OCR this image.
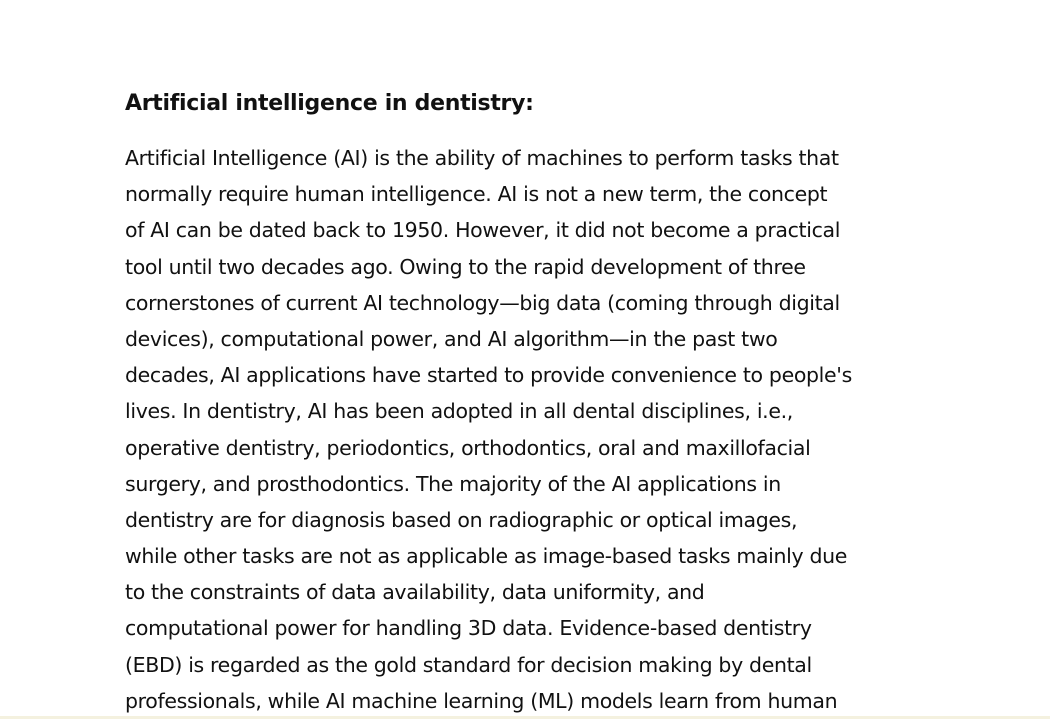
Artificial intelligence in dentistry:
Artificial Intelligence (AI) is the ability of machines to perform tasks that
normally require human intelligence. AI is not a new term, the concept
of AI can be dated back to 1950. However, it did not become a practical
tool until two decades ago. Owing to the rapid development of three
cornerstones of current AI technology—big data (coming through digital
devices), computational power, and AI algorithm—in the past two
decades, AI applications have started to provide convenience to people's
lives. In dentistry, AI has been adopted in all dental disciplines, i.e.,
operative dentistry, periodontics, orthodontics, oral and maxillofacial
surgery, and prosthodontics. The majority of the AI applications in
dentistry are for diagnosis based on radiographic or optical images,
while other tasks are not as applicable as image-based tasks mainly due
to the constraints of data availability, data uniformity, and
computational power for handling 3D data. Evidence-based dentistry
(EBD) is regarded as the gold standard for decision making by dental
professionals, while AI machine learning (ML) models learn from human
